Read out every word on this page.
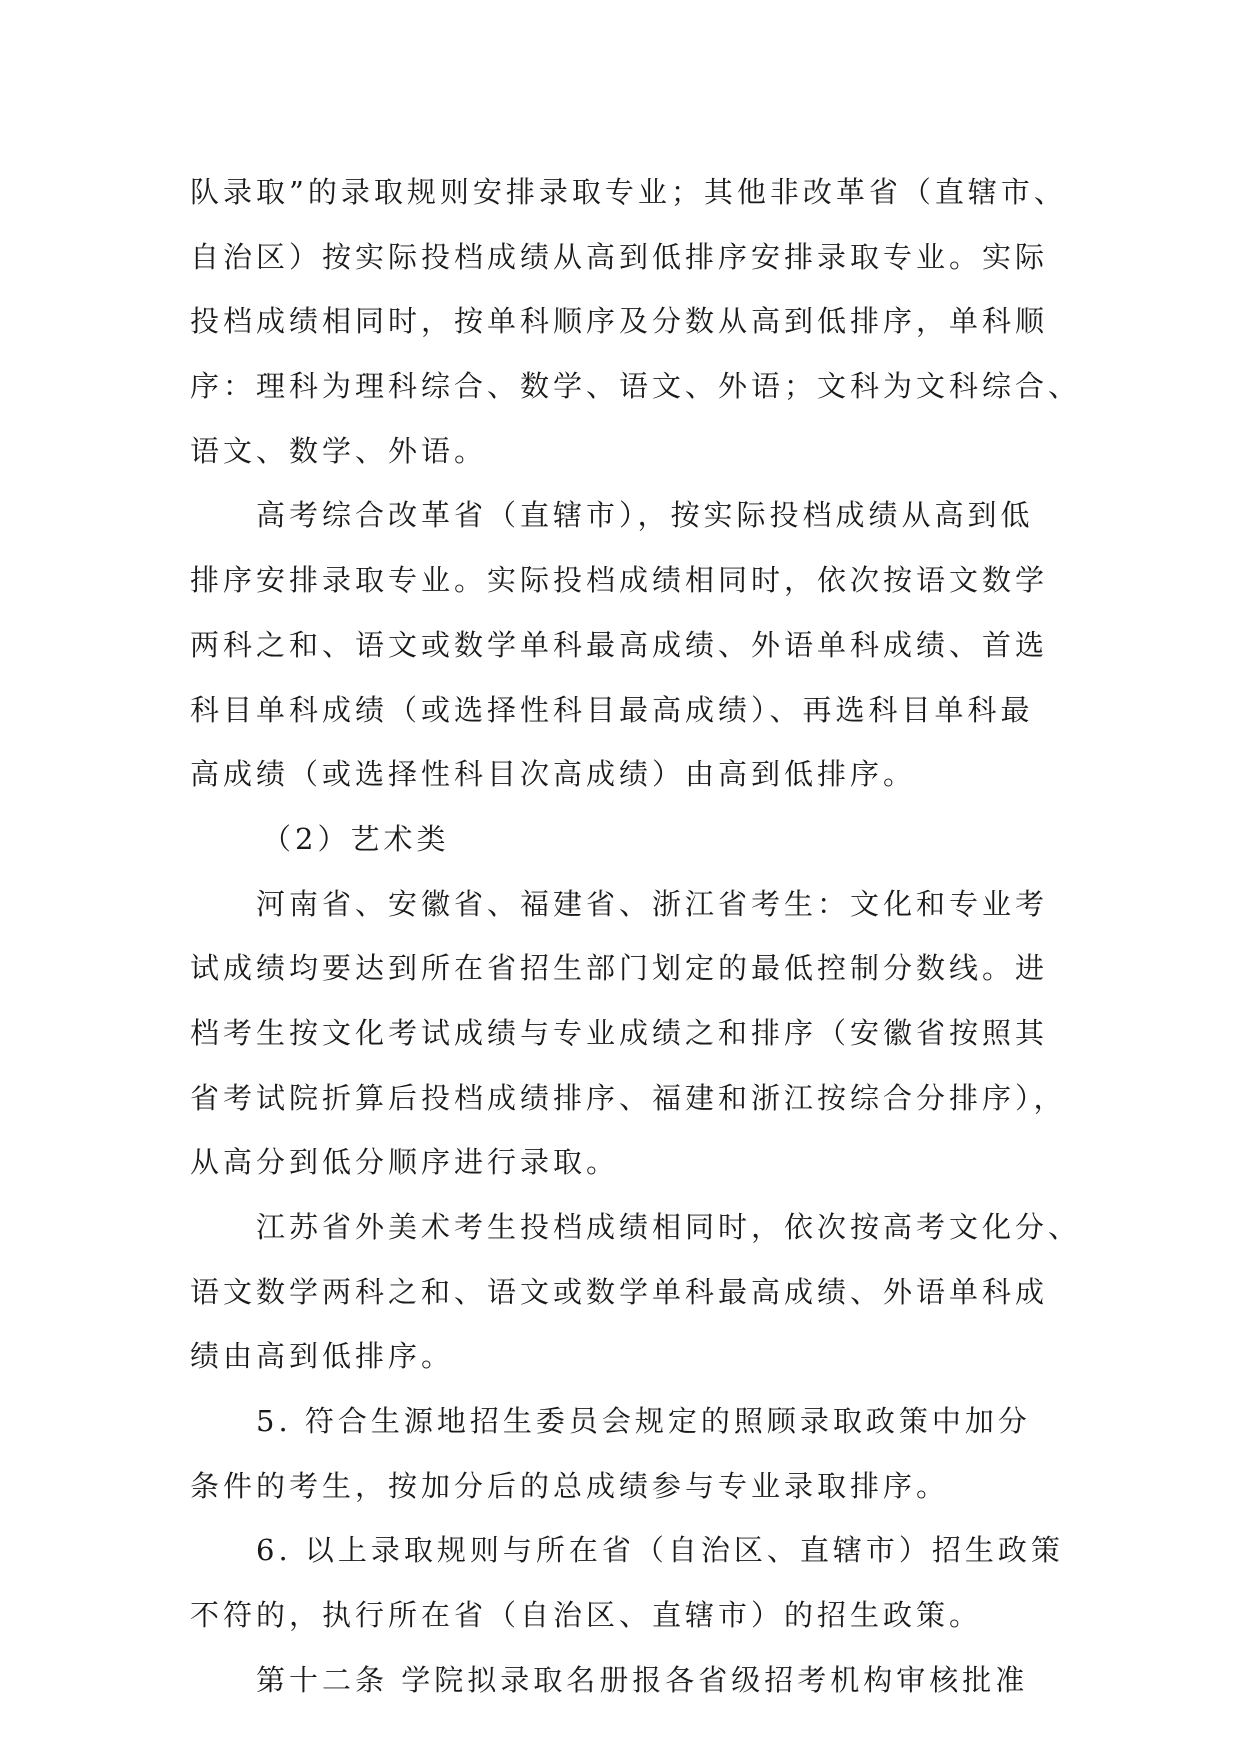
队录取”的录取规则安排录取专业；其他非改革省（直辖市、
自治区）按实际投档成绩从高到低排序安排录取专业。实际
投档成绩相同时，按单科顺序及分数从高到低排序，单科顺
序：理科为理科综合、数学、语文、外语；文科为文科综合、
语文、数学、外语。
高考综合改革省（直辖市），按实际投档成绩从高到低
排序安排录取专业。实际投档成绩相同时，依次按语文数学
两科之和、语文或数学单科最高成绩、外语单科成绩、首选
科目单科成绩（或选择性科目最高成绩）、再选科目单科最
高成绩（或选择性科目次高成绩）由高到低排序。
（2）艺术类
河南省、安徽省、福建省、浙江省考生：文化和专业考
试成绩均要达到所在省招生部门划定的最低控制分数线。进
档考生按文化考试成绩与专业成绩之和排序（安徽省按照其
省考试院折算后投档成绩排序、福建和浙江按综合分排序），
从高分到低分顺序进行录取。
江苏省外美术考生投档成绩相同时，依次按高考文化分、
语文数学两科之和、语文或数学单科最高成绩、外语单科成
绩由高到低排序。
5. 符合生源地招生委员会规定的照顾录取政策中加分
条件的考生，按加分后的总成绩参与专业录取排序。
6. 以上录取规则与所在省（自治区、直辖市）招生政策
不符的，执行所在省（自治区、直辖市）的招生政策。
第十二条 学院拟录取名册报各省级招考机构审核批准
